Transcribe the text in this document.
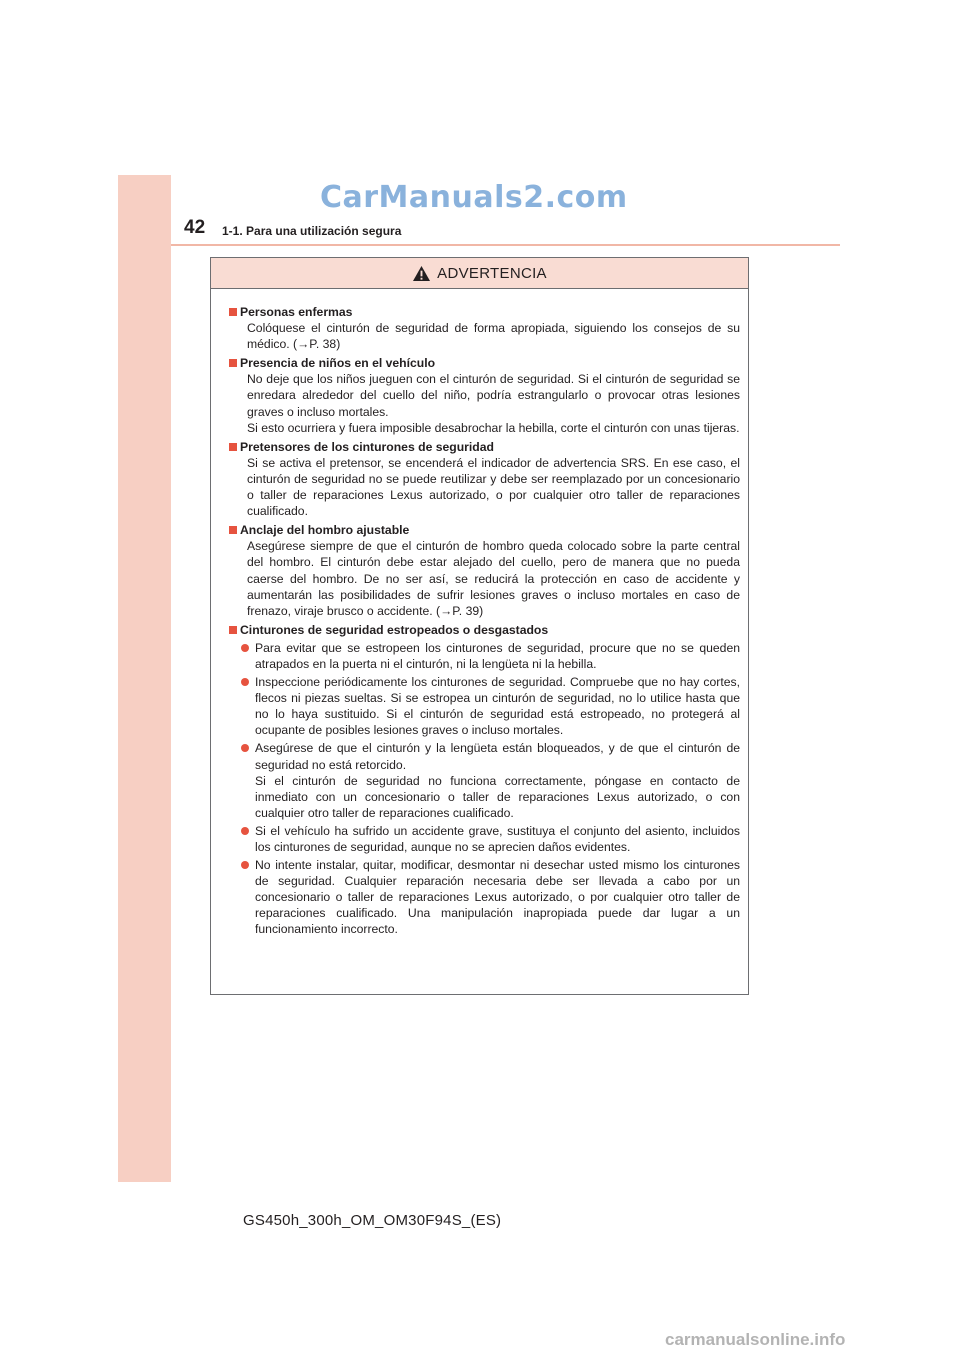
42 1-1. Para una utilización segura
CarManuals2.com
ADVERTENCIA
Personas enfermas

Colóquese el cinturón de seguridad de forma apropiada, siguiendo los consejos de su médico. (→P. 38)

Presencia de niños en el vehículo

No deje que los niños jueguen con el cinturón de seguridad. Si el cinturón de seguridad se enredara alrededor del cuello del niño, podría estrangularlo o provocar otras lesiones graves o incluso mortales.

Si esto ocurriera y fuera imposible desabrochar la hebilla, corte el cinturón con unas tijeras.

Pretensores de los cinturones de seguridad

Si se activa el pretensor, se encenderá el indicador de advertencia SRS. En ese caso, el cinturón de seguridad no se puede reutilizar y debe ser reemplazado por un concesionario o taller de reparaciones Lexus autorizado, o por cualquier otro taller de reparaciones cualificado.

Anclaje del hombro ajustable

Asegúrese siempre de que el cinturón de hombro queda colocado sobre la parte central del hombro. El cinturón debe estar alejado del cuello, pero de manera que no pueda caerse del hombro. De no ser así, se reducirá la protección en caso de accidente y aumentarán las posibilidades de sufrir lesiones graves o incluso mortales en caso de frenazo, viraje brusco o accidente. (→P. 39)

Cinturones de seguridad estropeados o desgastados

Para evitar que se estropeen los cinturones de seguridad, procure que no se queden atrapados en la puerta ni el cinturón, ni la lengüeta ni la hebilla.

Inspeccione periódicamente los cinturones de seguridad. Compruebe que no hay cortes, flecos ni piezas sueltas. Si se estropea un cinturón de seguridad, no lo utilice hasta que no lo haya sustituido. Si el cinturón de seguridad está estropeado, no protegerá al ocupante de posibles lesiones graves o incluso mortales.

Asegúrese de que el cinturón y la lengüeta están bloqueados, y de que el cinturón de seguridad no está retorcido.

Si el cinturón de seguridad no funciona correctamente, póngase en contacto de inmediato con un concesionario o taller de reparaciones Lexus autorizado, o con cualquier otro taller de reparaciones cualificado.

Si el vehículo ha sufrido un accidente grave, sustituya el conjunto del asiento, incluidos los cinturones de seguridad, aunque no se aprecien daños evidentes.

No intente instalar, quitar, modificar, desmontar ni desechar usted mismo los cinturones de seguridad. Cualquier reparación necesaria debe ser llevada a cabo por un concesionario o taller de reparaciones Lexus autorizado, o por cualquier otro taller de reparaciones cualificado. Una manipulación inapropiada puede dar lugar a un funcionamiento incorrecto.

GS450h_300h_OM_OM30F94S_(ES)
carmanualsonline.info
